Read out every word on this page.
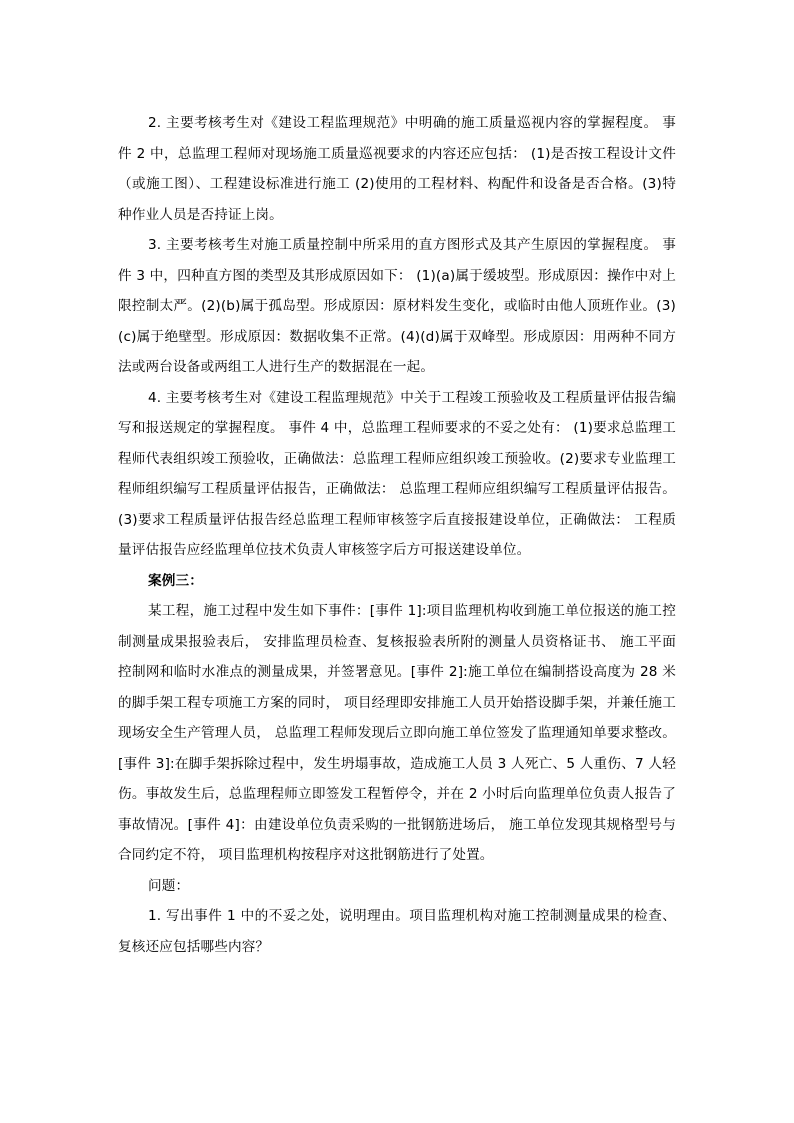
2. 主要考核考生对《建设工程监理规范》中明确的施工质量巡视内容的掌握程度。 事件 2 中，总监理工程师对现场施工质量巡视要求的内容还应包括： (1)是否按工程设计文件（或施工图）、工程建设标准进行施工 (2)使用的工程材料、构配件和设备是否合格。(3)特种作业人员是否持证上岗。

3. 主要考核考生对施工质量控制中所采用的直方图形式及其产生原因的掌握程度。 事件 3 中，四种直方图的类型及其形成原因如下： (1)(a)属于缓坡型。形成原因：操作中对上限控制太严。(2)(b)属于孤岛型。形成原因：原材料发生变化，或临时由他人顶班作业。(3)(c)属于绝壁型。形成原因：数据收集不正常。(4)(d)属于双峰型。形成原因：用两种不同方法或两台设备或两组工人进行生产的数据混在一起。

4. 主要考核考生对《建设工程监理规范》中关于工程竣工预验收及工程质量评估报告编写和报送规定的掌握程度。 事件 4 中，总监理工程师要求的不妥之处有： (1)要求总监理工程师代表组织竣工预验收，正确做法：总监理工程师应组织竣工预验收。(2)要求专业监理工程师组织编写工程质量评估报告，正确做法： 总监理工程师应组织编写工程质量评估报告。(3)要求工程质量评估报告经总监理工程师审核签字后直接报建设单位，正确做法： 工程质量评估报告应经监理单位技术负责人审核签字后方可报送建设单位。

案例三：

某工程，施工过程中发生如下事件：[事件 1]:项目监理机构收到施工单位报送的施工控制测量成果报验表后， 安排监理员检查、复核报验表所附的测量人员资格证书、 施工平面控制网和临时水准点的测量成果，并签署意见。[事件 2]:施工单位在编制搭设高度为 28 米的脚手架工程专项施工方案的同时， 项目经理即安排施工人员开始搭设脚手架，并兼任施工现场安全生产管理人员， 总监理工程师发现后立即向施工单位签发了监理通知单要求整改。[事件 3]:在脚手架拆除过程中，发生坍塌事故，造成施工人员 3 人死亡、5 人重伤、7 人轻伤。事故发生后，总监理程师立即签发工程暂停令，并在 2 小时后向监理单位负责人报告了事故情况。[事件 4]：由建设单位负责采购的一批钢筋进场后， 施工单位发现其规格型号与合同约定不符， 项目监理机构按程序对这批钢筋进行了处置。

问题：

1. 写出事件 1 中的不妥之处，说明理由。项目监理机构对施工控制测量成果的检查、复核还应包括哪些内容？
